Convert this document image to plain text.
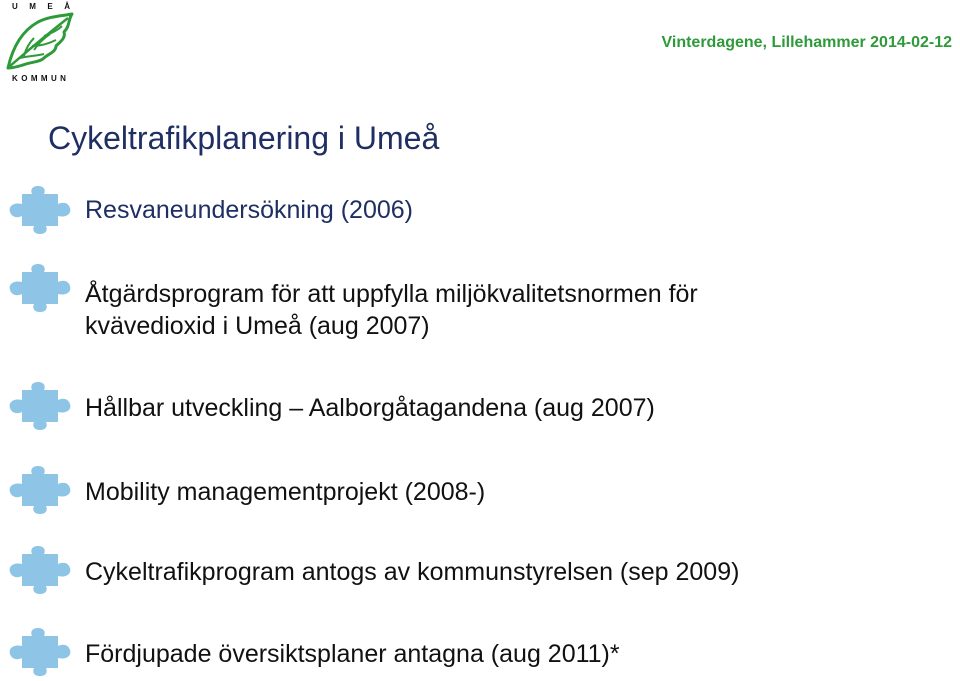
U M E Å
K O M M U N
Vinterdagene, Lillehammer 2014-02-12
Cykeltrafikplanering i Umeå
Resvaneundersökning (2006)
Åtgärdsprogram för att uppfylla miljökvalitetsnormen för
kvävedioxid i Umeå (aug 2007)
Hållbar utveckling – Aalborgåtagandena (aug 2007)
Mobility managementprojekt (2008-)
Cykeltrafikprogram antogs av kommunstyrelsen (sep 2009)
Fördjupade översiktsplaner antagna (aug 2011)*
